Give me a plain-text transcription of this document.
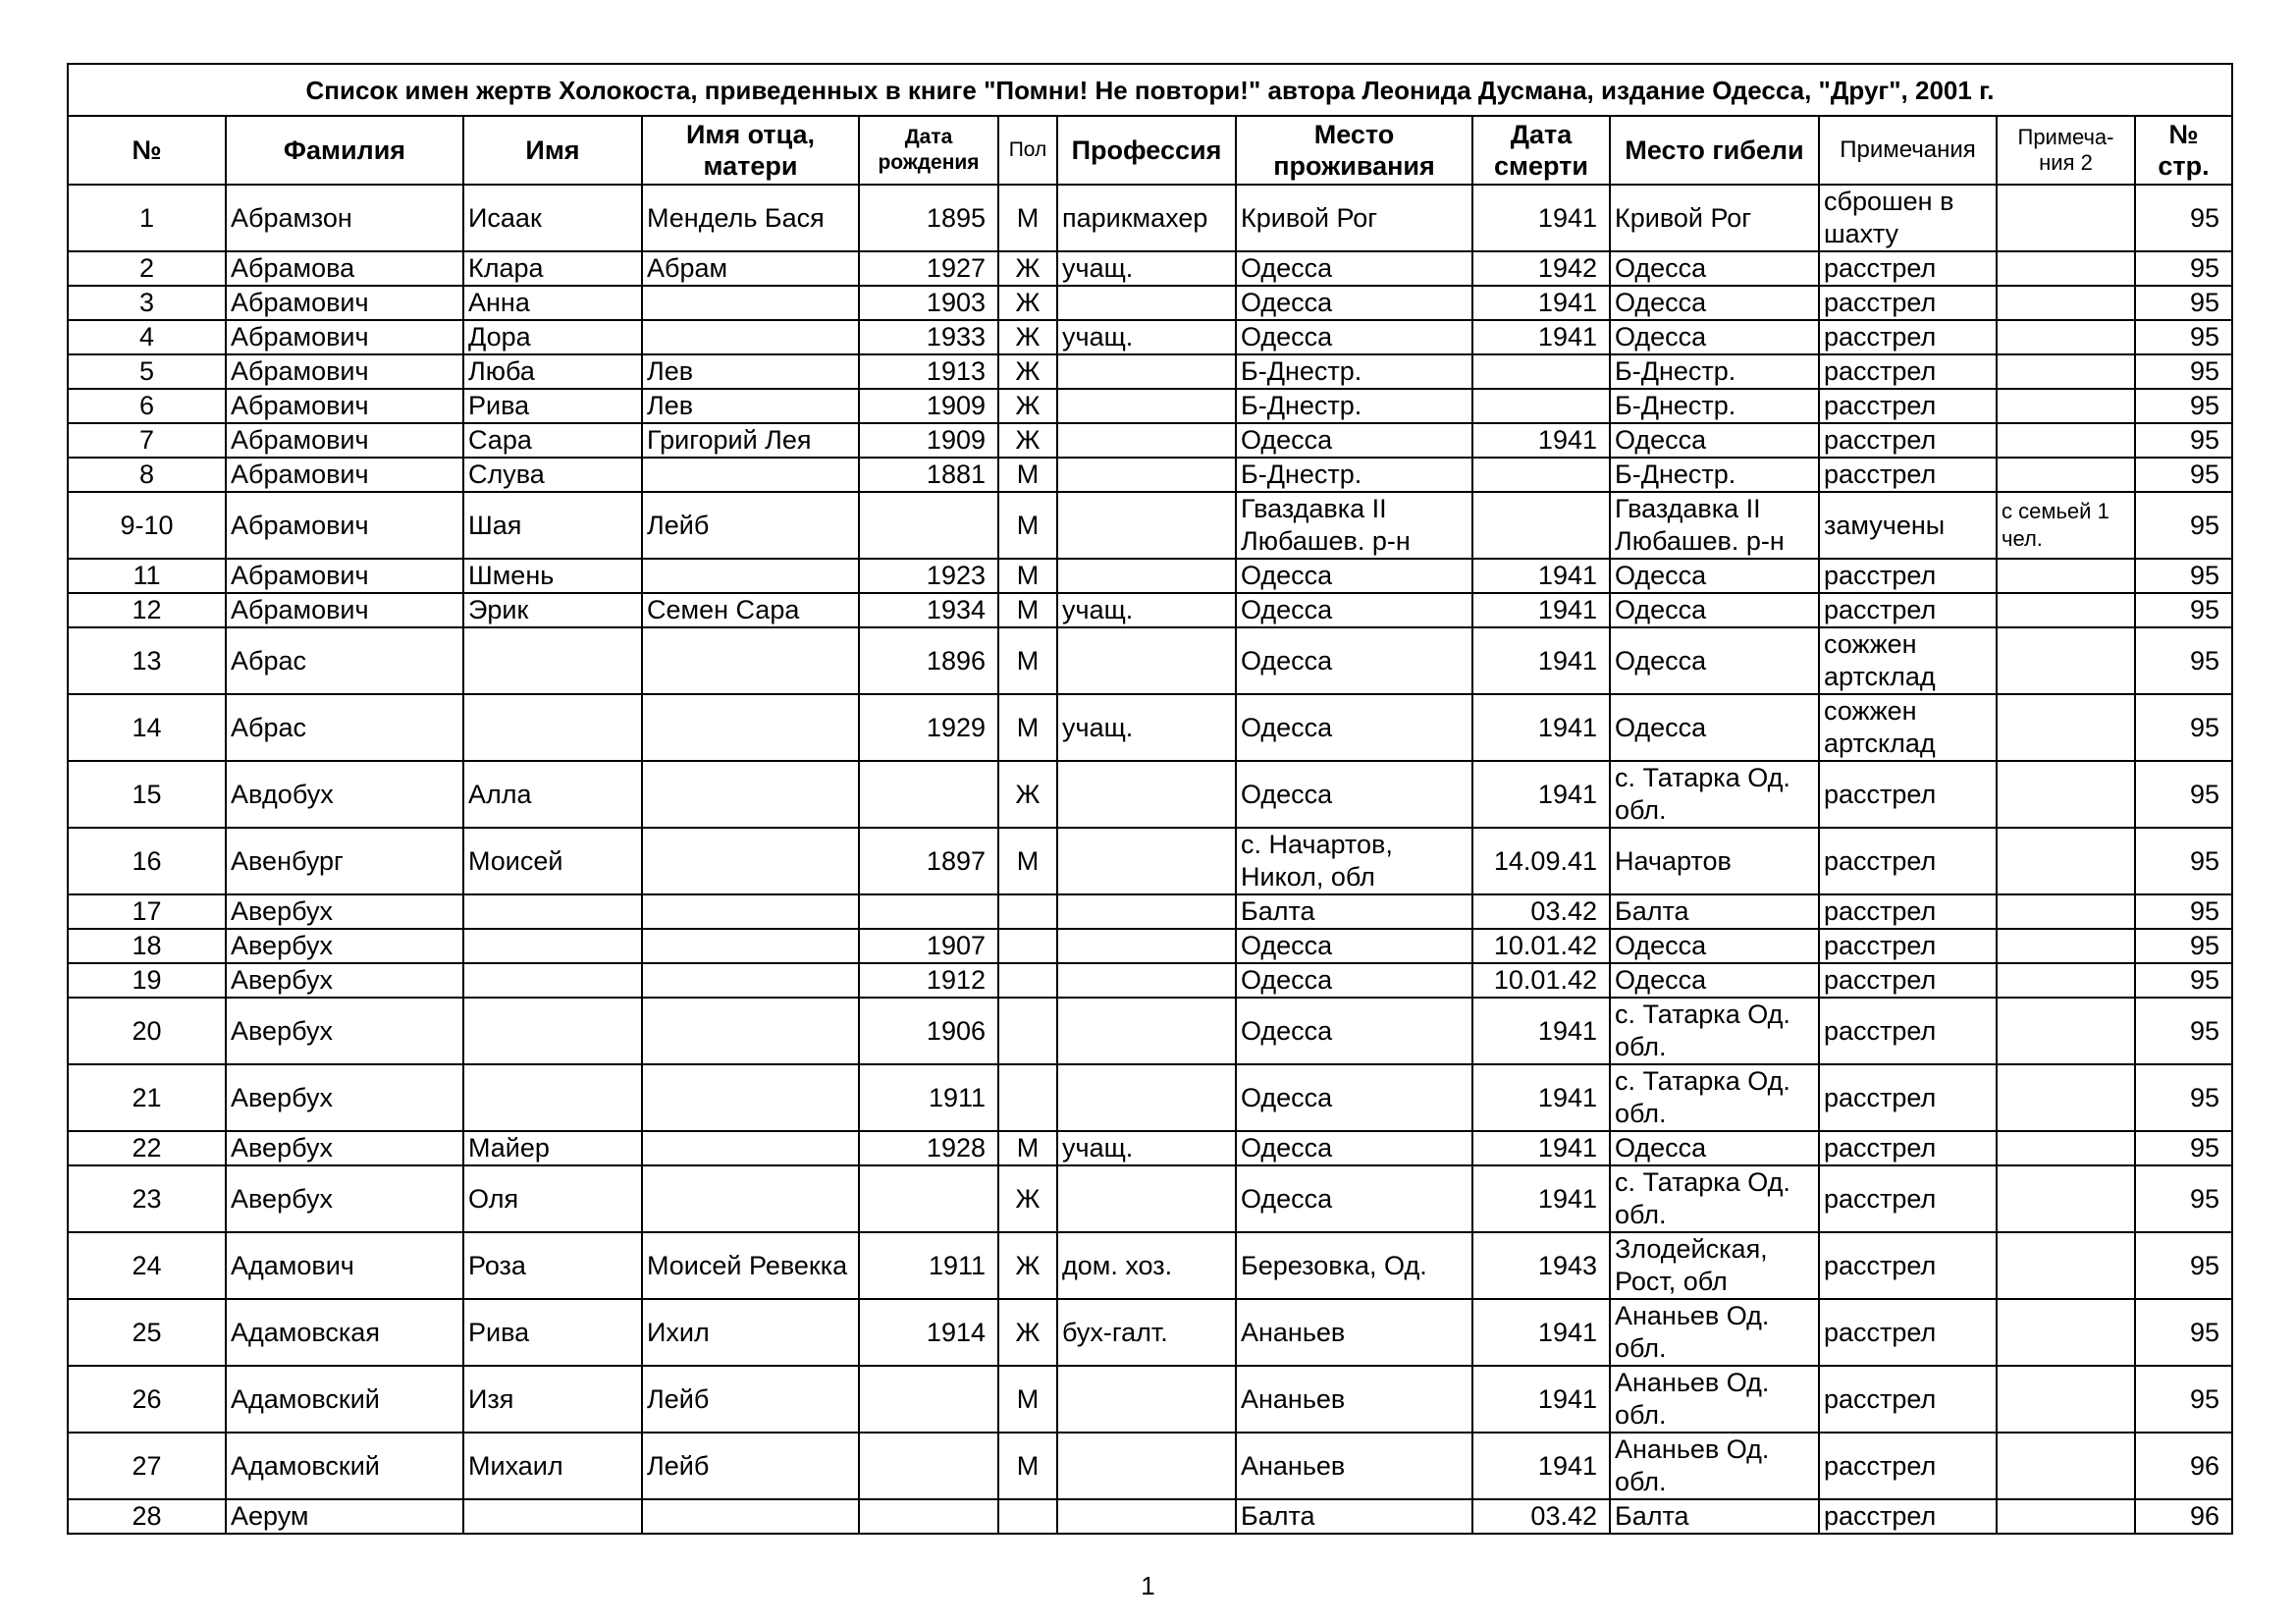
Список имен жертв Холокоста, приведенных в книге "Помни! Не повтори!" автора Леонида Дусмана, издание Одесса, "Друг", 2001 г.												
№	Фамилия	Имя	Имя отца, матери	Дата рождения	Пол	Профессия	Место проживания	Дата смерти	Место гибели	Примечания	Примеча-ния 2	№ стр.
1	Абрамзон	Исаак	Мендель Бася	1895	М	парикмахер	Кривой Рог	1941	Кривой Рог	сброшен в шахту		95
2	Абрамова	Клара	Абрам	1927	Ж	учащ.	Одесса	1942	Одесса	расстрел		95
3	Абрамович	Анна		1903	Ж		Одесса	1941	Одесса	расстрел		95
4	Абрамович	Дора		1933	Ж	учащ.	Одесса	1941	Одесса	расстрел		95
5	Абрамович	Люба	Лев	1913	Ж		Б-Днестр.		Б-Днестр.	расстрел		95
6	Абрамович	Рива	Лев	1909	Ж		Б-Днестр.		Б-Днестр.	расстрел		95
7	Абрамович	Сара	Григорий Лея	1909	Ж		Одесса	1941	Одесса	расстрел		95
8	Абрамович	Слува		1881	М		Б-Днестр.		Б-Днестр.	расстрел		95
9-10	Абрамович	Шая	Лейб		М		Гваздавка II Любашев. р-н		Гваздавка II Любашев. р-н	замучены	с семьей 1 чел.	95
11	Абрамович	Шмень		1923	М		Одесса	1941	Одесса	расстрел		95
12	Абрамович	Эрик	Семен Сара	1934	М	учащ.	Одесса	1941	Одесса	расстрел		95
13	Абрас			1896	М		Одесса	1941	Одесса	сожжен артсклад		95
14	Абрас			1929	М	учащ.	Одесса	1941	Одесса	сожжен артсклад		95
15	Авдобух	Алла			Ж		Одесса	1941	с. Татарка Од. обл.	расстрел		95
16	Авенбург	Моисей		1897	М		с. Начартов, Никол, обл	14.09.41	Начартов	расстрел		95
17	Авербух						Балта	03.42	Балта	расстрел		95
18	Авербух			1907			Одесса	10.01.42	Одесса	расстрел		95
19	Авербух			1912			Одесса	10.01.42	Одесса	расстрел		95
20	Авербух			1906			Одесса	1941	с. Татарка Од. обл.	расстрел		95
21	Авербух			1911			Одесса	1941	с. Татарка Од. обл.	расстрел		95
22	Авербух	Майер		1928	М	учащ.	Одесса	1941	Одесса	расстрел		95
23	Авербух	Оля			Ж		Одесса	1941	с. Татарка Од. обл.	расстрел		95
24	Адамович	Роза	Моисей Ревекка	1911	Ж	дом. хоз.	Березовка, Од.	1943	Злодейская, Рост, обл	расстрел		95
25	Адамовская	Рива	Ихил	1914	Ж	бух-галт.	Ананьев	1941	Ананьев Од. обл.	расстрел		95
26	Адамовский	Изя	Лейб		М		Ананьев	1941	Ананьев Од. обл.	расстрел		95
27	Адамовский	Михаил	Лейб		М		Ананьев	1941	Ананьев Од. обл.	расстрел		96
28	Аерум						Балта	03.42	Балта	расстрел		96
1
